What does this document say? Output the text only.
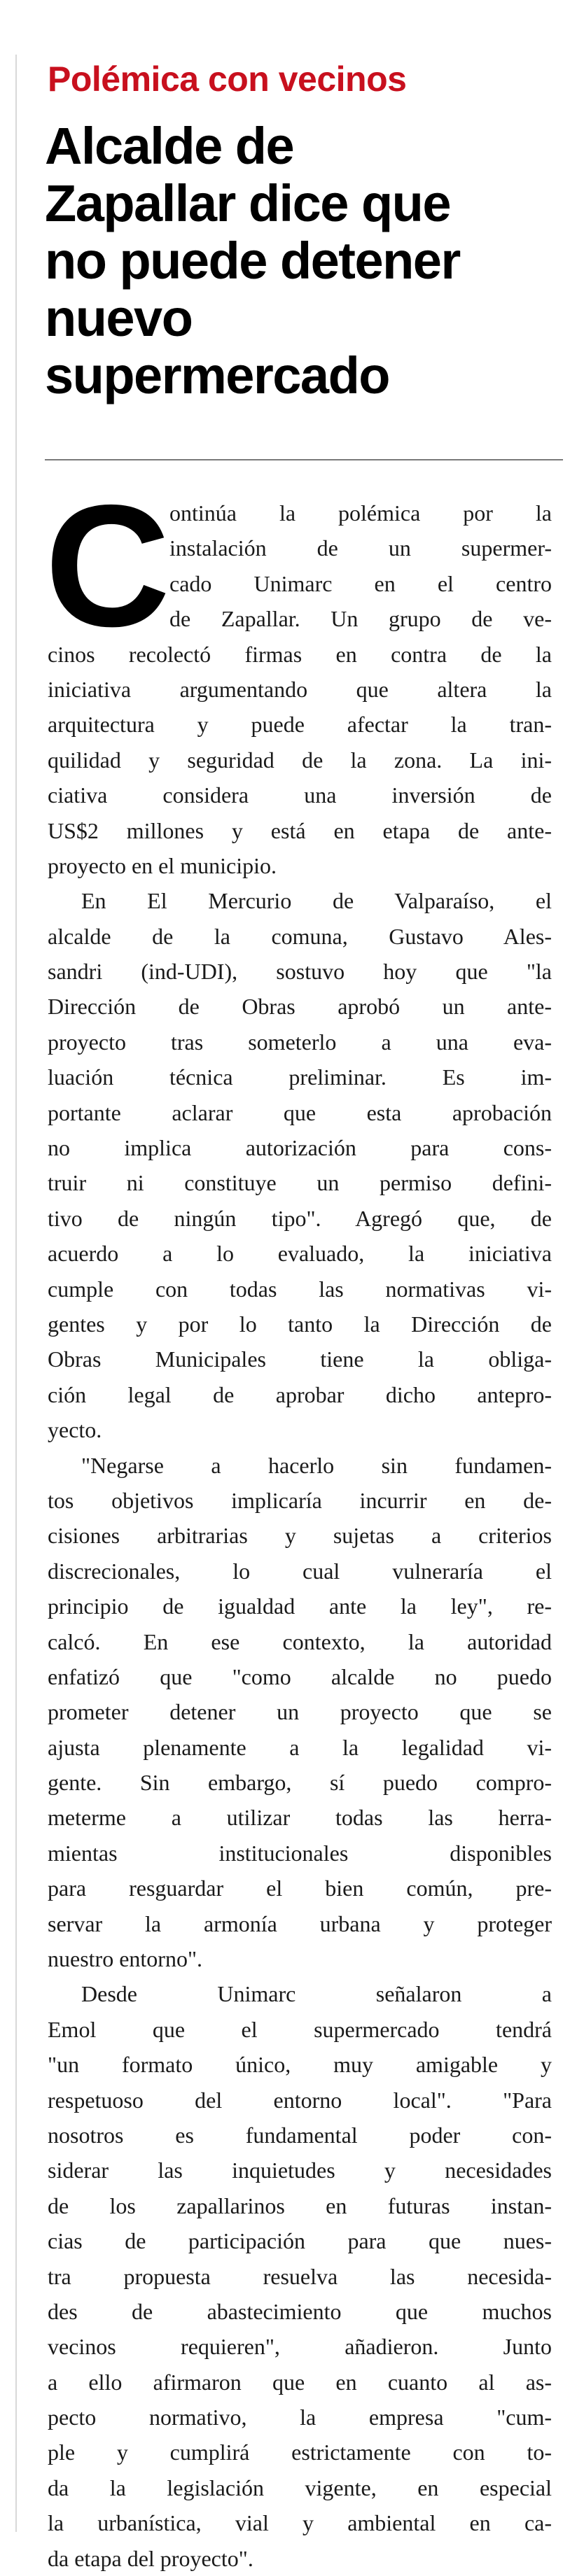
Polémica con vecinos
Alcalde de
Zapallar dice que
no puede detener
nuevo
supermercado
C
ontinúa la polémica por la
instalación de un supermer-
cado Unimarc en el centro
de Zapallar. Un grupo de ve-
cinos recolectó firmas en contra de la
iniciativa argumentando que altera la
arquitectura y puede afectar la tran-
quilidad y seguridad de la zona. La ini-
ciativa considera una inversión de
US$2 millones y está en etapa de ante-
proyecto en el municipio.
En El Mercurio de Valparaíso, el
alcalde de la comuna, Gustavo Ales-
sandri (ind-UDI), sostuvo hoy que "la
Dirección de Obras aprobó un ante-
proyecto tras someterlo a una eva-
luación técnica preliminar. Es im-
portante aclarar que esta aprobación
no implica autorización para cons-
truir ni constituye un permiso defini-
tivo de ningún tipo". Agregó que, de
acuerdo a lo evaluado, la iniciativa
cumple con todas las normativas vi-
gentes y por lo tanto la Dirección de
Obras Municipales tiene la obliga-
ción legal de aprobar dicho antepro-
yecto.
"Negarse a hacerlo sin fundamen-
tos objetivos implicaría incurrir en de-
cisiones arbitrarias y sujetas a criterios
discrecionales, lo cual vulneraría el
principio de igualdad ante la ley", re-
calcó. En ese contexto, la autoridad
enfatizó que "como alcalde no puedo
prometer detener un proyecto que se
ajusta plenamente a la legalidad vi-
gente. Sin embargo, sí puedo compro-
meterme a utilizar todas las herra-
mientas institucionales disponibles
para resguardar el bien común, pre-
servar la armonía urbana y proteger
nuestro entorno".
Desde Unimarc señalaron a
Emol que el supermercado tendrá
"un formato único, muy amigable y
respetuoso del entorno local". "Para
nosotros es fundamental poder con-
siderar las inquietudes y necesidades
de los zapallarinos en futuras instan-
cias de participación para que nues-
tra propuesta resuelva las necesida-
des de abastecimiento que muchos
vecinos requieren", añadieron. Junto
a ello afirmaron que en cuanto al as-
pecto normativo, la empresa "cum-
ple y cumplirá estrictamente con to-
da la legislación vigente, en especial
la urbanística, vial y ambiental en ca-
da etapa del proyecto".
